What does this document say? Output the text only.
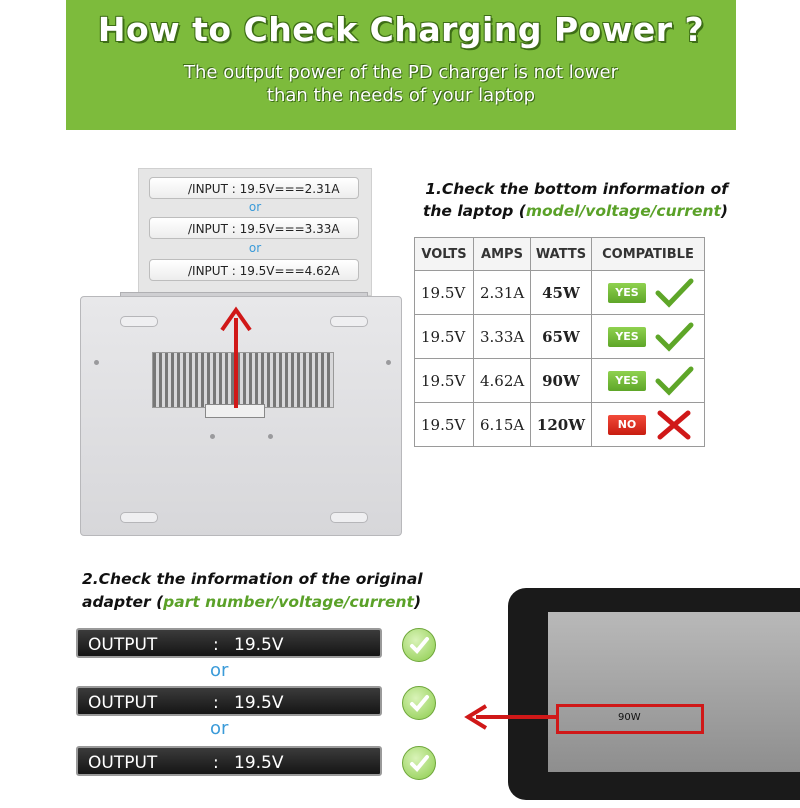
How to Check Charging Power ?
The output power of the PD charger is not lower
than the needs of your laptop
/INPUT : 19.5V===2.31A
or
/INPUT : 19.5V===3.33A
or
/INPUT : 19.5V===4.62A
1.Check the bottom information of
the laptop (model/voltage/current)
VOLTS	AMPS	WATTS	COMPATIBLE
19.5V	2.31A	45W	YES
19.5V	3.33A	65W	YES
19.5V	4.62A	90W	YES
19.5V	6.15A	120W	NO
2.Check the information of the original
adapter (part number/voltage/current)
OUTPUT	: 19.5V ===2.31A
or
OUTPUT	: 19.5V ===3.33A
or
OUTPUT	: 19.5V ===4.62A
90W
